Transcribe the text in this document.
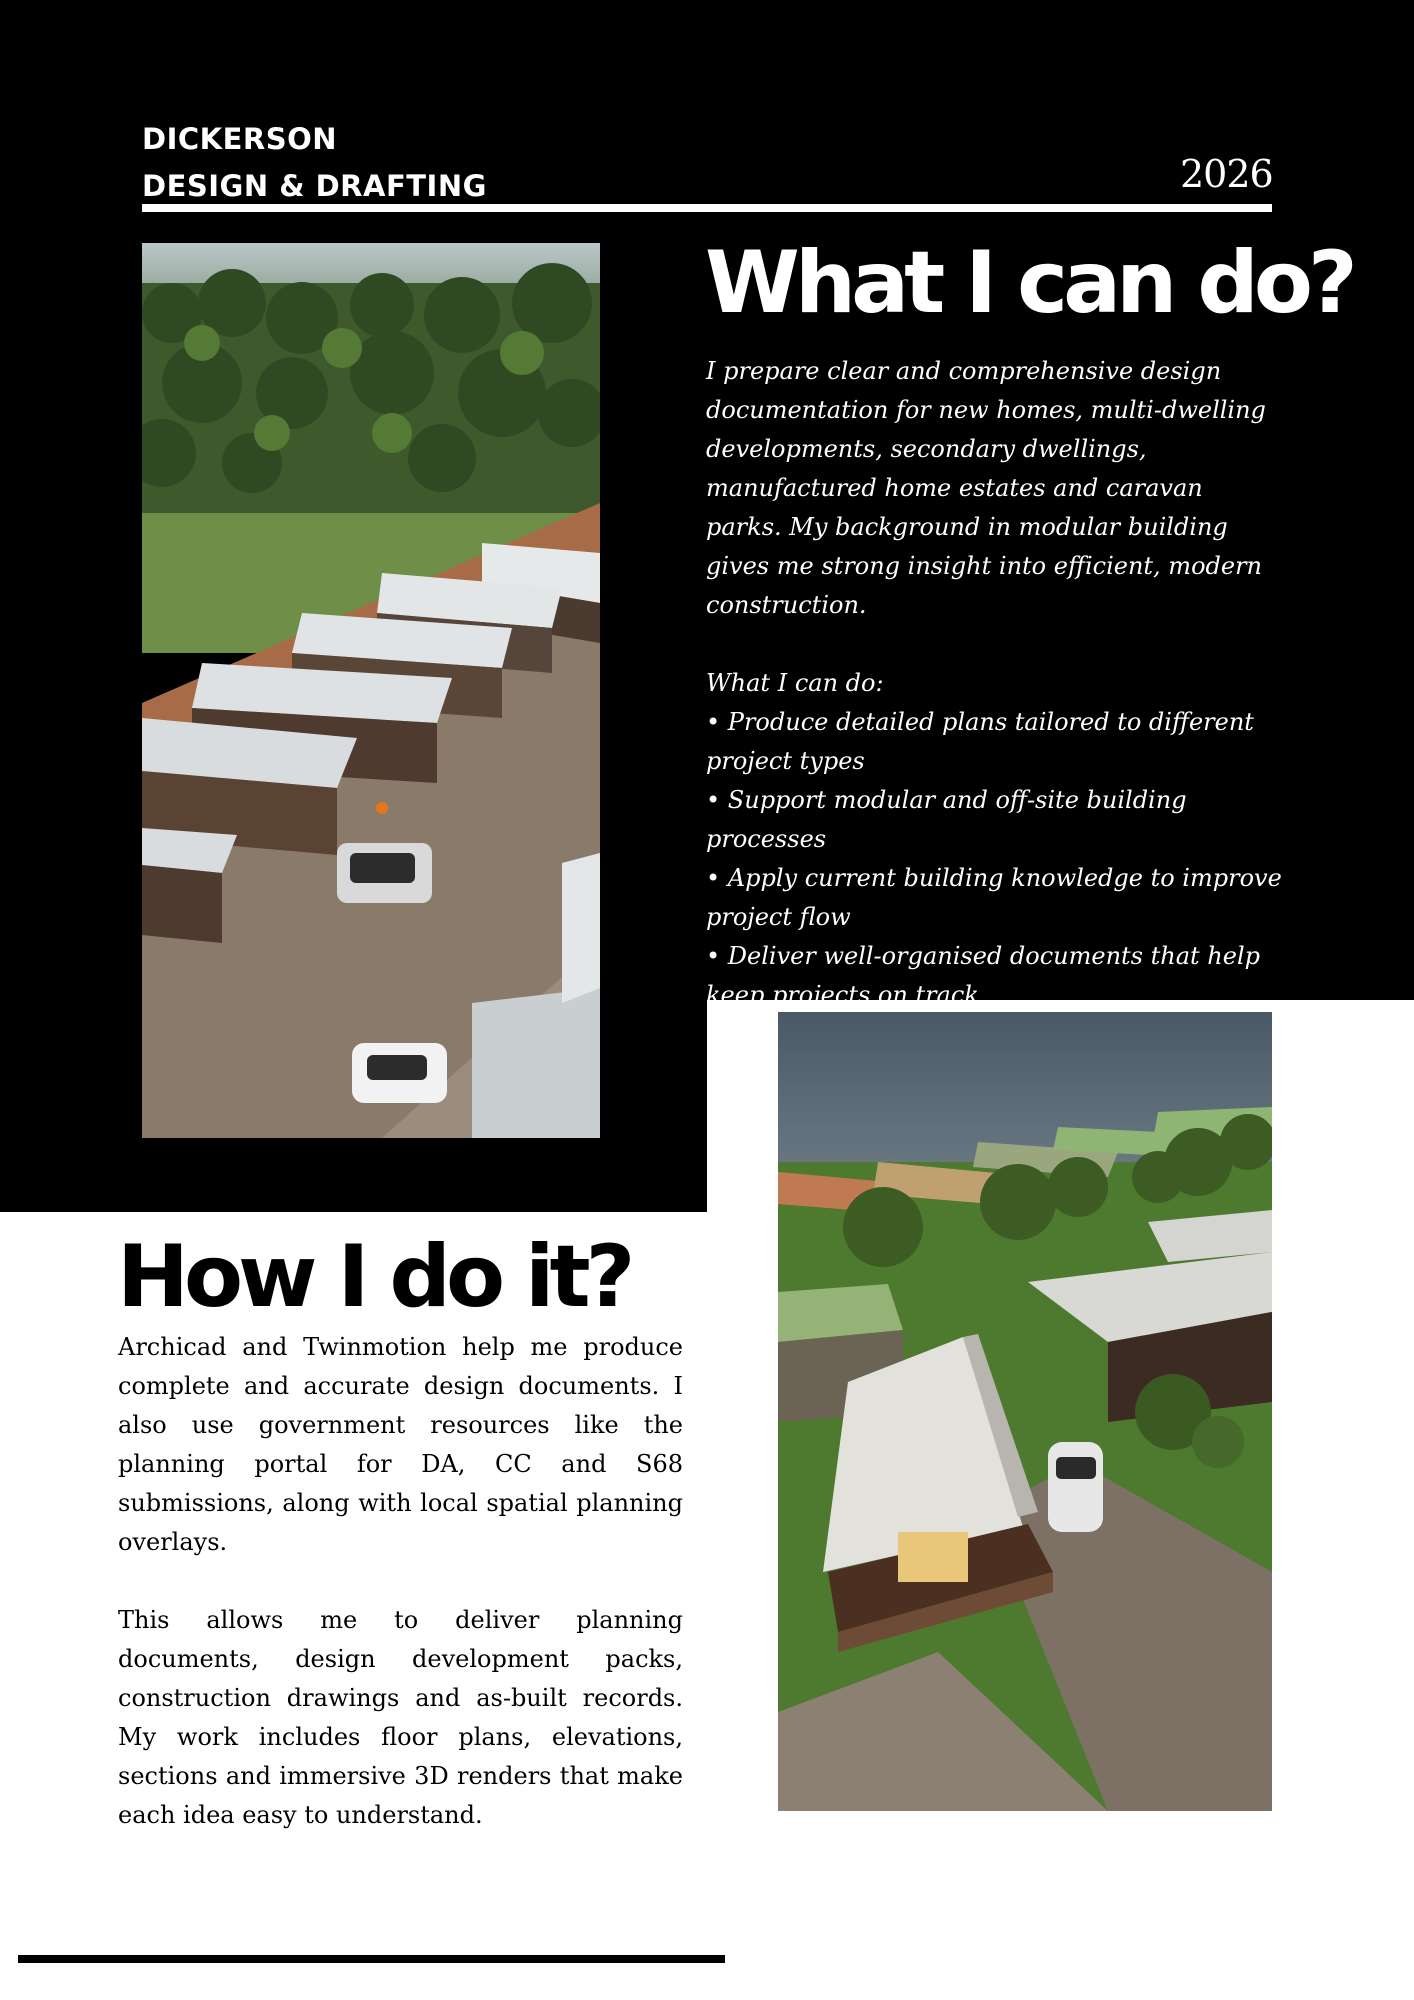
DICKERSON
DESIGN & DRAFTING	2026
What I can do?

I prepare clear and comprehensive design documentation for new homes, multi-dwelling developments, secondary dwellings, manufactured home estates and caravan parks. My background in modular building gives me strong insight into efficient, modern construction.

What I can do:

• Produce detailed plans tailored to different project types
• Support modular and off-site building processes
• Apply current building knowledge to improve project flow
• Deliver well-organised documents that help keep projects on track
How I do it?

Archicad and Twinmotion help me produce complete and accurate design documents. I also use government resources like the planning portal for DA, CC and S68 submissions, along with local spatial planning overlays.

This allows me to deliver planning documents, design development packs, construction drawings and as-built records. My work includes floor plans, elevations, sections and immersive 3D renders that make each idea easy to understand.
